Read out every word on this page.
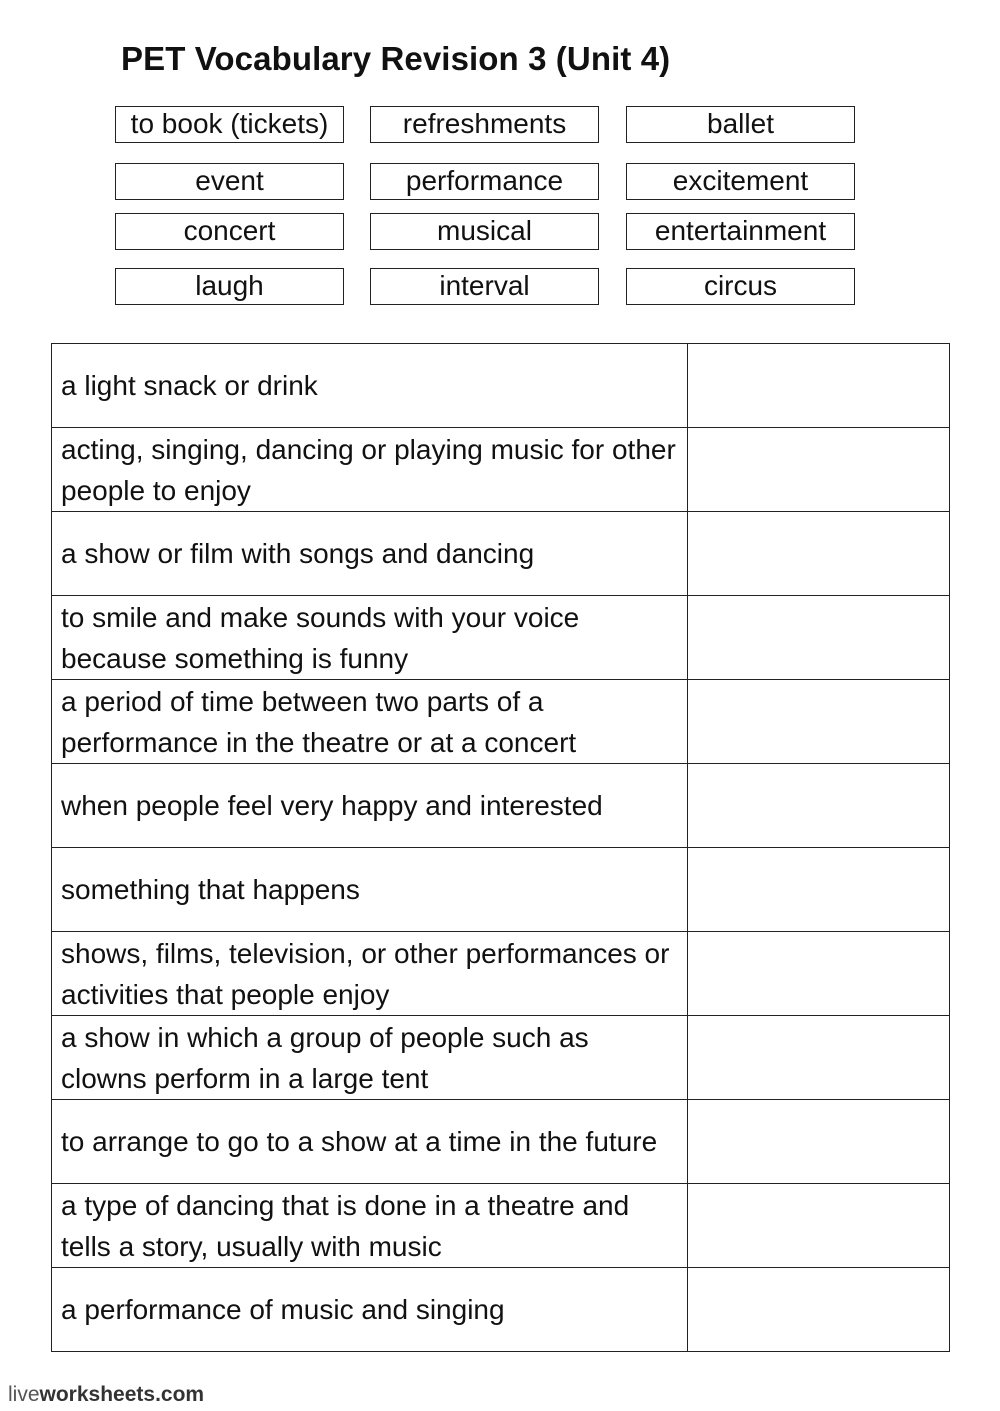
PET Vocabulary Revision 3 (Unit 4)
to book (tickets)	refreshments	ballet
event	performance	excitement
concert	musical	entertainment
laugh	interval	circus
a light snack or drink	
acting, singing, dancing or playing music for other people to enjoy	
a show or film with songs and dancing	
to smile and make sounds with your voice because something is funny	
a period of time between two parts of a performance in the theatre or at a concert	
when people feel very happy and interested	
something that happens	
shows, films, television, or other performances or activities that people enjoy	
a show in which a group of people such as clowns perform in a large tent	
to arrange to go to a show at a time in the future	
a type of dancing that is done in a theatre and tells a story, usually with music	
a performance of music and singing	
liveworksheets.com
